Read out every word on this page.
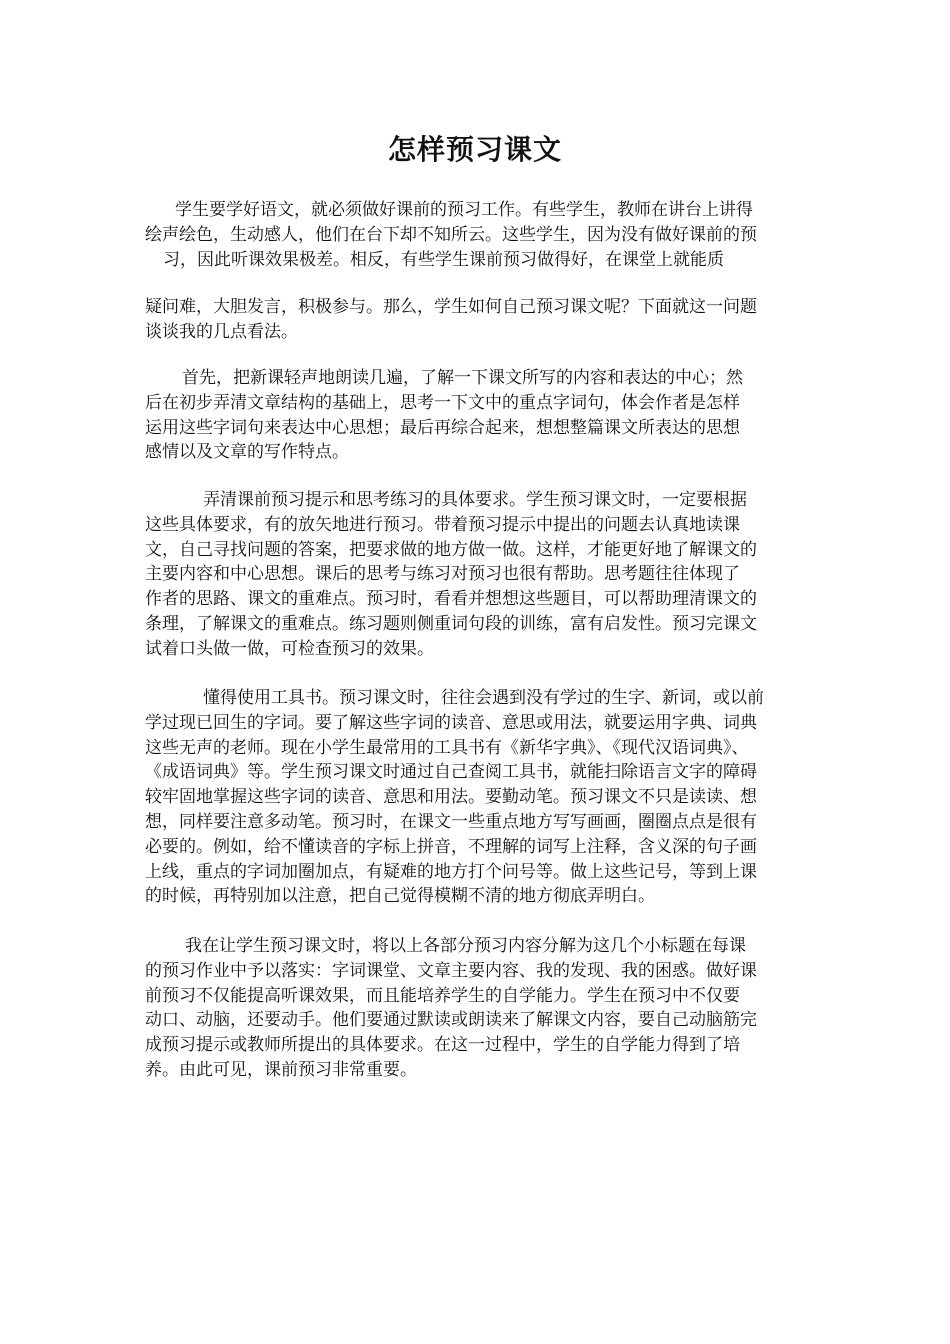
怎样预习课文

学生要学好语文，就必须做好课前的预习工作。有些学生，教师在讲台上讲得
绘声绘色，生动感人，他们在台下却不知所云。这些学生，因为没有做好课前的预
习，因此听课效果极差。相反，有些学生课前预习做得好，在课堂上就能质

疑问难，大胆发言，积极参与。那么，学生如何自己预习课文呢？下面就这一问题
谈谈我的几点看法。

首先，把新课轻声地朗读几遍，了解一下课文所写的内容和表达的中心；然
后在初步弄清文章结构的基础上，思考一下文中的重点字词句，体会作者是怎样
运用这些字词句来表达中心思想；最后再综合起来，想想整篇课文所表达的思想
感情以及文章的写作特点。

弄清课前预习提示和思考练习的具体要求。学生预习课文时，一定要根据
这些具体要求，有的放矢地进行预习。带着预习提示中提出的问题去认真地读课
文，自己寻找问题的答案，把要求做的地方做一做。这样，才能更好地了解课文的
主要内容和中心思想。课后的思考与练习对预习也很有帮助。思考题往往体现了
作者的思路、课文的重难点。预习时，看看并想想这些题目，可以帮助理清课文的
条理，了解课文的重难点。练习题则侧重词句段的训练，富有启发性。预习完课文
试着口头做一做，可检查预习的效果。

懂得使用工具书。预习课文时，往往会遇到没有学过的生字、新词，或以前
学过现已回生的字词。要了解这些字词的读音、意思或用法，就要运用字典、词典
这些无声的老师。现在小学生最常用的工具书有《新华字典》、《现代汉语词典》、
《成语词典》等。学生预习课文时通过自己查阅工具书，就能扫除语言文字的障碍
较牢固地掌握这些字词的读音、意思和用法。要勤动笔。预习课文不只是读读、想
想，同样要注意多动笔。预习时，在课文一些重点地方写写画画，圈圈点点是很有
必要的。例如，给不懂读音的字标上拼音，不理解的词写上注释，含义深的句子画
上线，重点的字词加圈加点，有疑难的地方打个问号等。做上这些记号，等到上课
的时候，再特别加以注意，把自己觉得模糊不清的地方彻底弄明白。

我在让学生预习课文时，将以上各部分预习内容分解为这几个小标题在每课
的预习作业中予以落实：字词课堂、文章主要内容、我的发现、我的困惑。做好课
前预习不仅能提高听课效果，而且能培养学生的自学能力。学生在预习中不仅要
动口、动脑，还要动手。他们要通过默读或朗读来了解课文内容，要自己动脑筋完
成预习提示或教师所提出的具体要求。在这一过程中，学生的自学能力得到了培
养。由此可见，课前预习非常重要。
